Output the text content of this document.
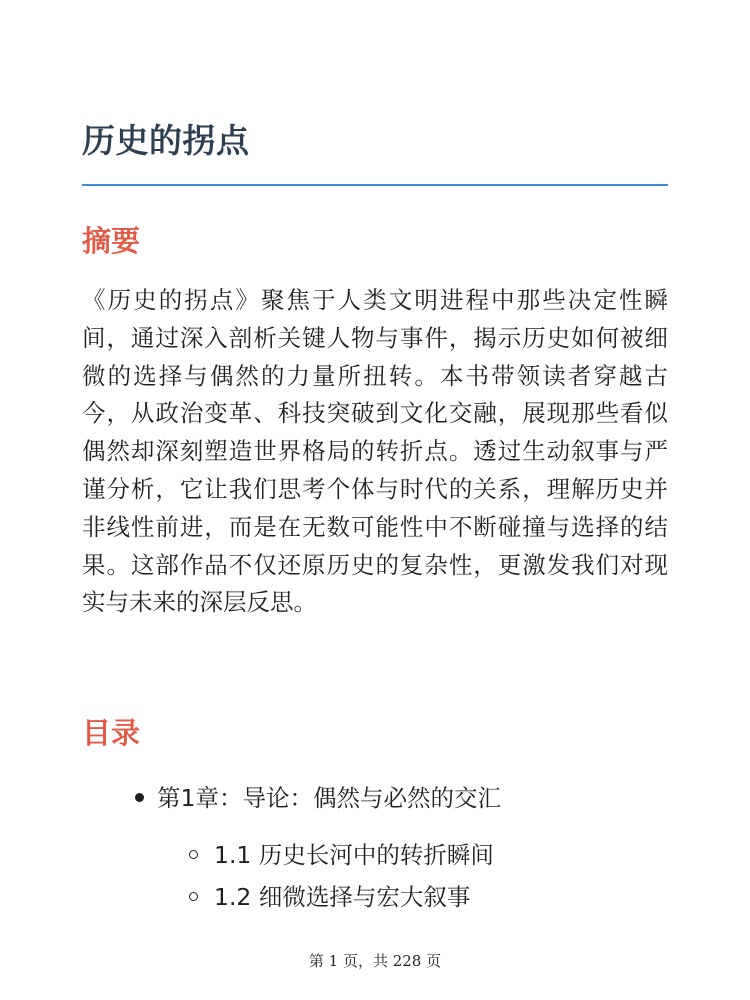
历史的拐点
摘要

《历史的拐点》聚焦于人类文明进程中那些决定性瞬间，通过深入剖析关键人物与事件，揭示历史如何被细微的选择与偶然的力量所扭转。本书带领读者穿越古今，从政治变革、科技突破到文化交融，展现那些看似偶然却深刻塑造世界格局的转折点。透过生动叙事与严谨分析，它让我们思考个体与时代的关系，理解历史并非线性前进，而是在无数可能性中不断碰撞与选择的结果。这部作品不仅还原历史的复杂性，更激发我们对现实与未来的深层反思。

目录
第1章：导论：偶然与必然的交汇
1.1 历史长河中的转折瞬间
1.2 细微选择与宏大叙事
第 1 页，共 228 页
